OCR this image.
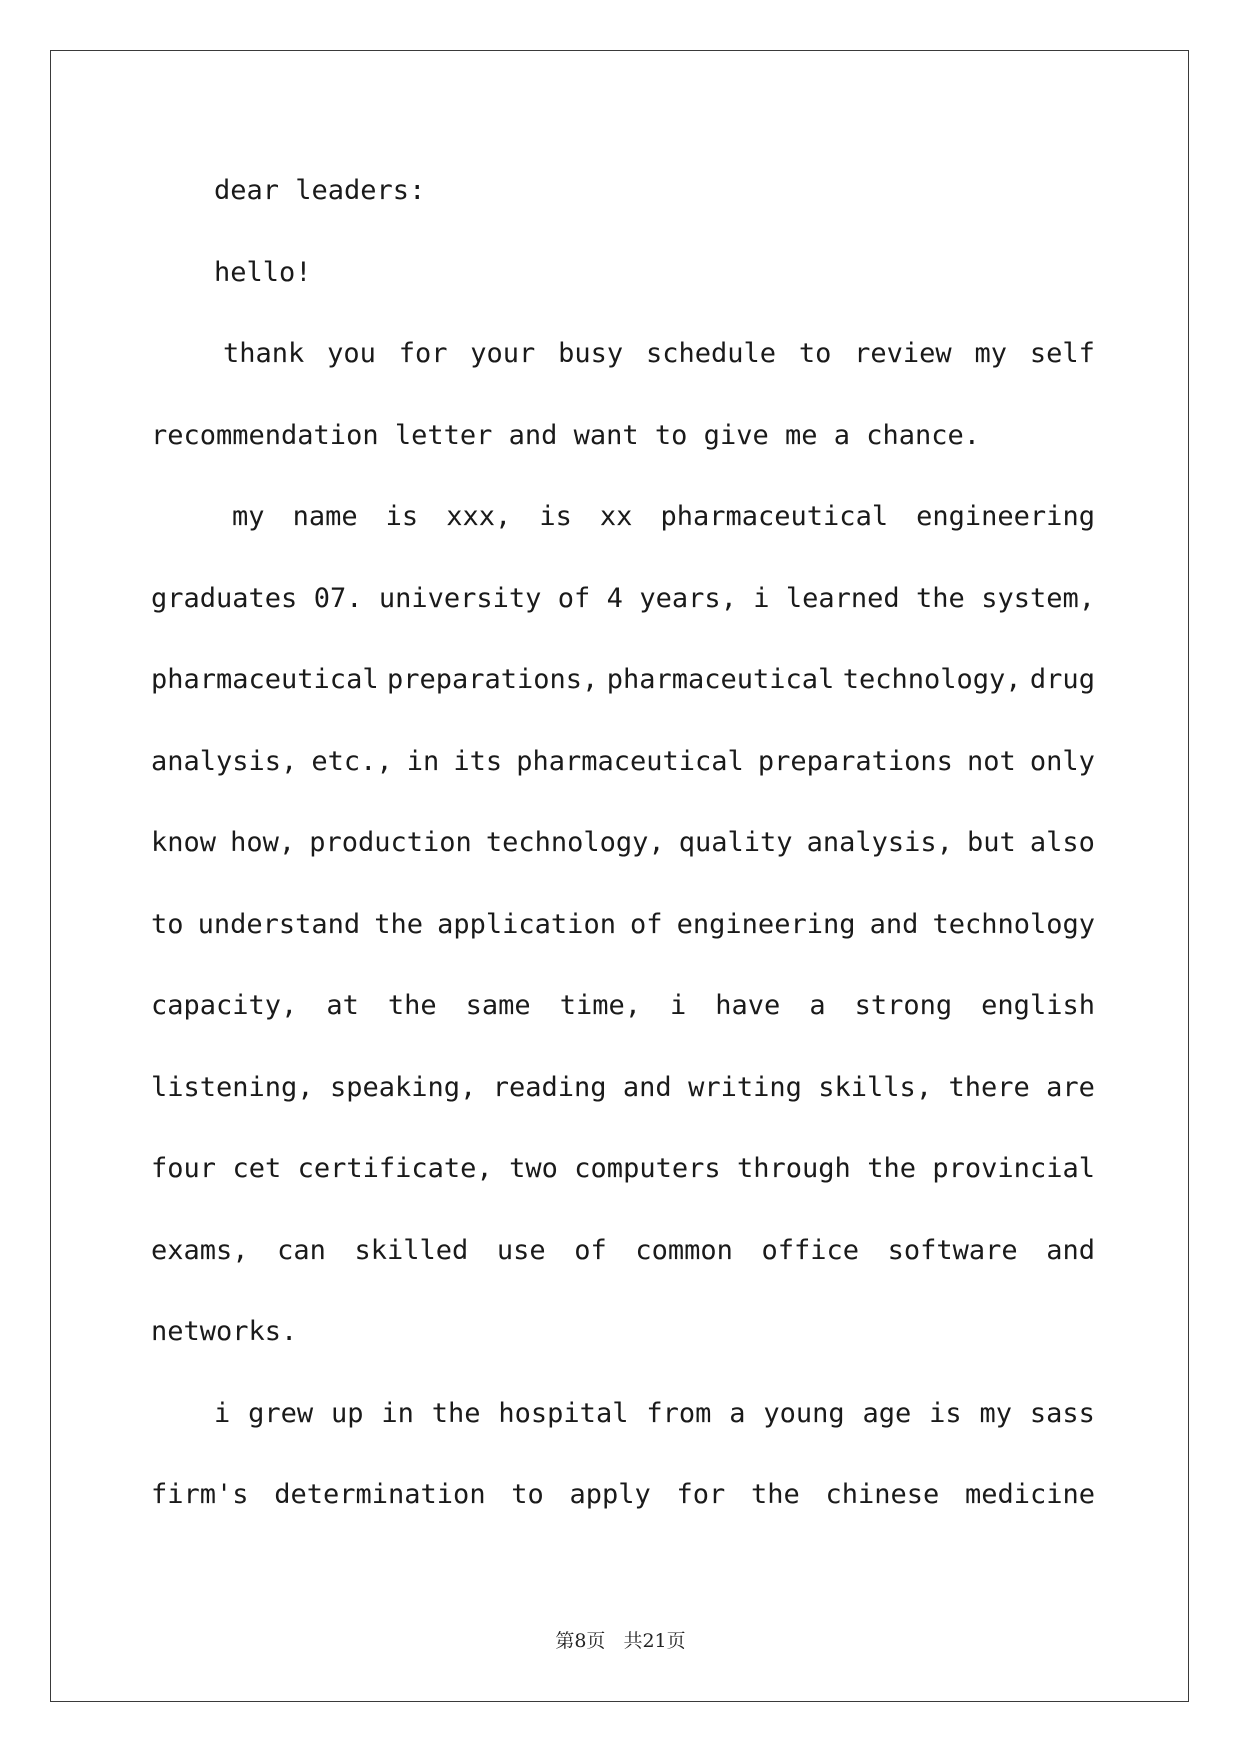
dear leaders:
hello!
thank you for your busy schedule to review my self
recommendation letter and want to give me a chance.
my name is xxx, is xx pharmaceutical engineering
graduates 07. university of 4 years, i learned the system,
pharmaceutical preparations, pharmaceutical technology, drug
analysis, etc., in its pharmaceutical preparations not only
know how, production technology, quality analysis, but also
to understand the application of engineering and technology
capacity, at the same time, i have a strong english
listening, speaking, reading and writing skills, there are
four cet certificate, two computers through the provincial
exams, can skilled use of common office software and
networks.
i grew up in the hospital from a young age is my sass
firm's determination to apply for the chinese medicine
第8页 共21页
